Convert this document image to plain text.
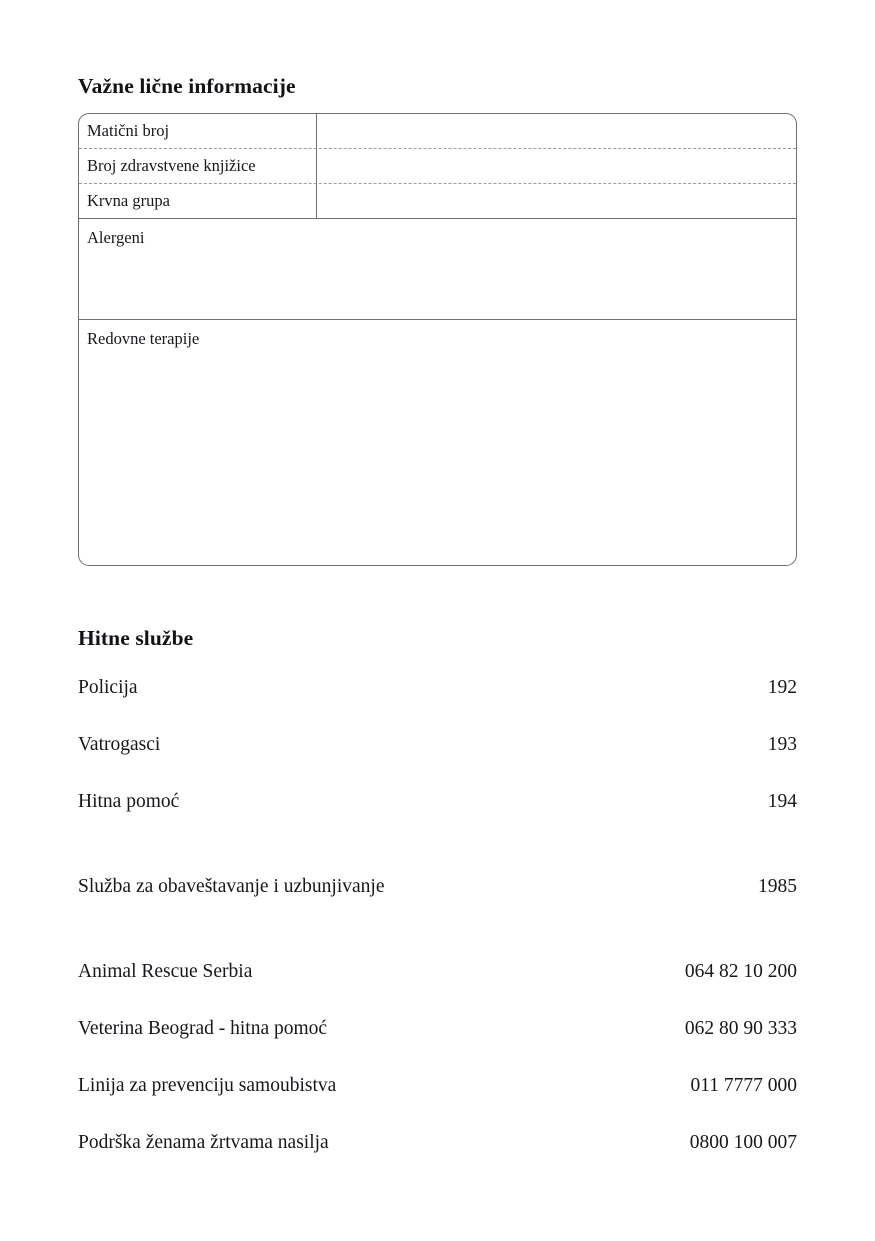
Važne lične informacije
Matični broj
Broj zdravstvene knjižice
Krvna grupa
Alergeni
Redovne terapije
Hitne službe
Policija	192
Vatrogasci	193
Hitna pomoć	194
Služba za obaveštavanje i uzbunjivanje	1985
Animal Rescue Serbia	064 82 10 200
Veterina Beograd - hitna pomoć	062 80 90 333
Linija za prevenciju samoubistva	011 7777 000
Podrška ženama žrtvama nasilja	0800 100 007
